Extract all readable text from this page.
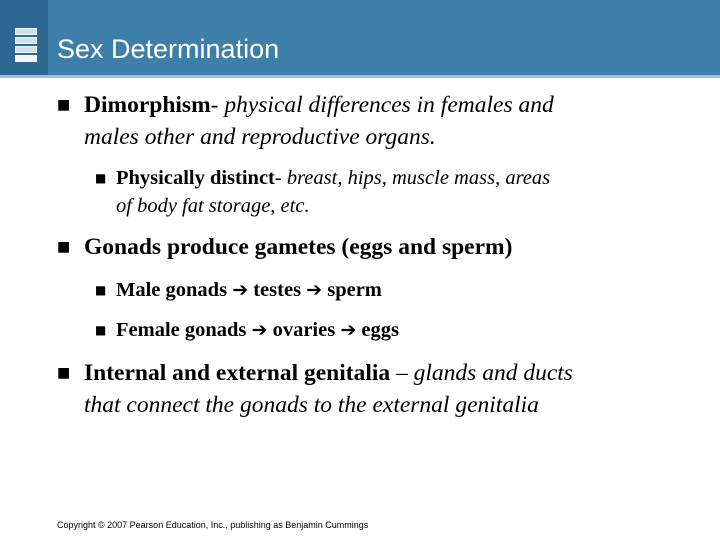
Sex Determination
■ Dimorphism- physical differences in females and
males other and reproductive organs.
■ Physically distinct- breast, hips, muscle mass, areas
of body fat storage, etc.
■ Gonads produce gametes (eggs and sperm)
■ Male gonads ➔ testes ➔ sperm
■ Female gonads ➔ ovaries ➔ eggs
■ Internal and external genitalia – glands and ducts
that connect the gonads to the external genitalia
Copyright © 2007 Pearson Education, Inc., publishing as Benjamin Cummings
